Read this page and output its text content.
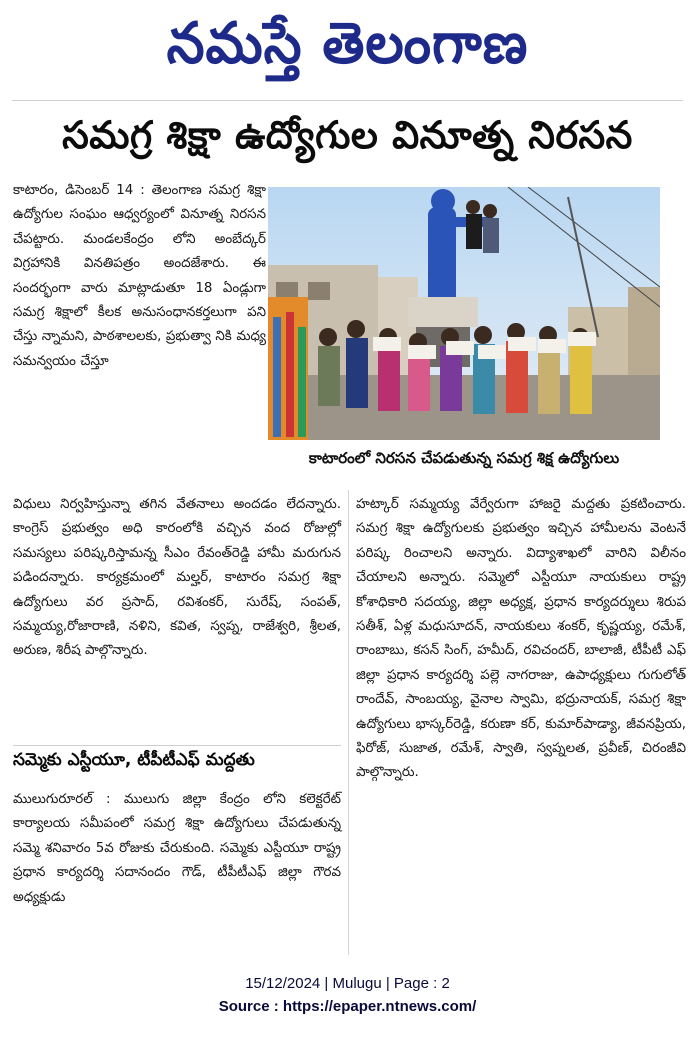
నమస్తే తెలంగాణ
సమగ్ర శిక్షా ఉద్యోగుల వినూత్న నిరసన

కాటారం, డిసెంబర్ 14 : తెలంగాణ సమగ్ర శిక్షా ఉద్యోగుల సంఘం ఆధ్వర్యంలో వినూత్న నిరసన చేపట్టారు. మండలకేంద్రం లోని అంబేద్కర్ విగ్రహానికి వినతిపత్రం అందజేశారు. ఈ సందర్భంగా వారు మాట్లాడుతూ 18 ఏండ్లుగా సమగ్ర శిక్షాలో కీలక అనుసంధానకర్తలుగా పని చేస్తు న్నామని, పాఠశాలలకు, ప్రభుత్వా నికి మధ్య సమన్వయం చేస్తూ

కాటారంలో నిరసన చేపడుతున్న సమగ్ర శిక్ష ఉద్యోగులు

విధులు నిర్వహిస్తున్నా తగిన వేతనాలు అందడం లేదన్నారు. కాంగ్రెస్ ప్రభుత్వం అధి కారంలోకి వచ్చిన వంద రోజుల్లో సమస్యలు పరిష్కరిస్తామన్న సీఎం రేవంత్‌రెడ్డి హామీ మరుగున పడిందన్నారు. కార్యక్రమంలో మల్హర్, కాటారం సమగ్ర శిక్షా ఉద్యోగులు వర ప్రసాద్, రవిశంకర్, సురేష్, సంపత్, సమ్మయ్య,రోజారాణి, నళిని, కవిత, స్వప్న, రాజేశ్వరి, శ్రీలత, అరుణ, శిరీష పాల్గొన్నారు.

హట్కార్ సమ్మయ్య వేర్వేరుగా హాజరై మద్దతు ప్రకటించారు. సమగ్ర శిక్షా ఉద్యోగులకు ప్రభుత్వం ఇచ్చిన హామీలను వెంటనే పరిష్క రించాలని అన్నారు. విద్యాశాఖలో వారిని విలీనం చేయాలని అన్నారు. సమ్మెలో ఎస్టీయూ నాయకులు రాష్ట్ర కోశాధికారి సదయ్య, జిల్లా అధ్యక్ష, ప్రధాన కార్యదర్శులు శిరుప సతీశ్, ఏళ్ల మధుసూదన్, నాయకులు శంకర్, కృష్ణయ్య, రమేశ్, రాంబాబు, కసన్ సింగ్, హమీద్, రవిచందర్, బాలాజీ, టీపీటీ ఎఫ్ జిల్లా ప్రధాన కార్యదర్శి పల్లె నాగరాజు, ఉపాధ్యక్షులు గుగులోత్ రాందేవ్, సాంబయ్య, వైనాల స్వామి, భద్రునాయక్, సమగ్ర శిక్షా ఉద్యోగులు భాస్కర్‌రెడ్డి, కరుణా కర్, కుమార్‌పాడ్యా, జీవనప్రియ, ఫిరోజ్, సుజాత, రమేశ్, స్వాతి, స్వప్నలత, ప్రవీణ్, చిరంజీవి పాల్గొన్నారు.

సమ్మెకు ఎస్టీయూ, టీపీటీఎఫ్ మద్దతు

ములుగురూరల్ : ములుగు జిల్లా కేంద్రం లోని కలెక్టరేట్ కార్యాలయ సమీపంలో సమగ్ర శిక్షా ఉద్యోగులు చేపడుతున్న సమ్మె శనివారం 5వ రోజుకు చేరుకుంది. సమ్మెకు ఎస్టీయూ రాష్ట్ర ప్రధాన కార్యదర్శి సదానందం గౌడ్, టీపీటీఎఫ్ జిల్లా గౌరవ అధ్యక్షుడు

15/12/2024 | Mulugu | Page : 2
Source : https://epaper.ntnews.com/
